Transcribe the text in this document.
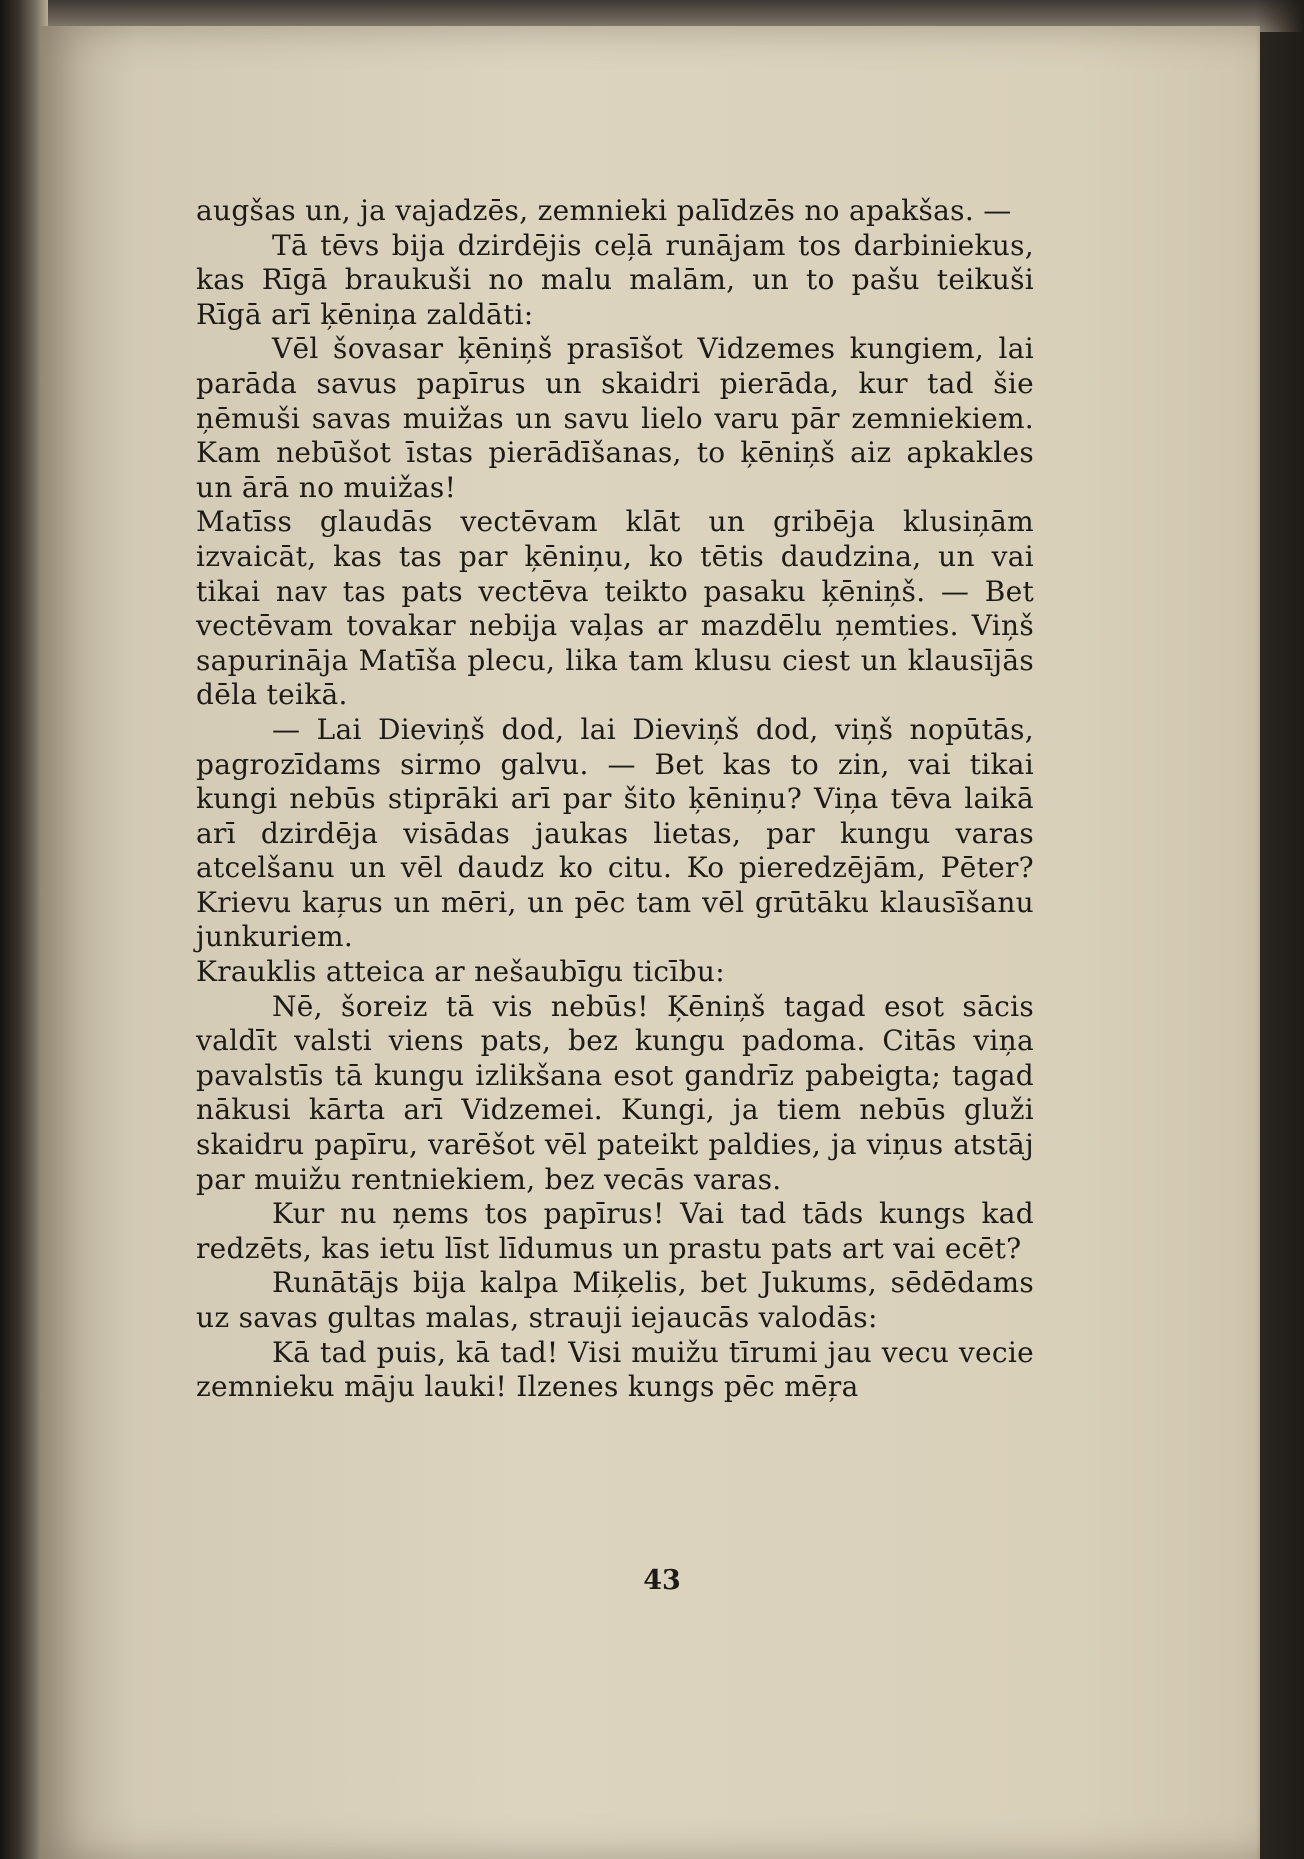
augšas un, ja vajadzēs, zemnieki palīdzēs no apakšas. —

Tā tēvs bija dzirdējis ceļā runājam tos darbiniekus, kas Rīgā braukuši no malu malām, un to pašu teikuši Rīgā arī ķēniņa zaldāti:

Vēl šovasar ķēniņš prasīšot Vidzemes kungiem, lai parāda savus papīrus un skaidri pierāda, kur tad šie ņēmuši savas muižas un savu lielo varu pār zemniekiem. Kam nebūšot īstas pierādīšanas, to ķēniņš aiz apkakles un ārā no muižas!

Matīss glaudās vectēvam klāt un gribēja klusiņām izvaicāt, kas tas par ķēniņu, ko tētis daudzina, un vai tikai nav tas pats vectēva teikto pasaku ķēniņš. — Bet vectēvam tovakar nebija vaļas ar mazdēlu ņemties. Viņš sapurināja Matīša plecu, lika tam klusu ciest un klausījās dēla teikā.

— Lai Dieviņš dod, lai Dieviņš dod, viņš nopūtās, pagrozīdams sirmo galvu. — Bet kas to zin, vai tikai kungi nebūs stiprāki arī par šito ķēniņu? Viņa tēva laikā arī dzirdēja visādas jaukas lietas, par kungu varas atcelšanu un vēl daudz ko citu. Ko pieredzējām, Pēter? Krievu kaŗus un mēri, un pēc tam vēl grūtāku klausīšanu junkuriem.

Krauklis atteica ar nešaubīgu ticību:

Nē, šoreiz tā vis nebūs! Ķēniņš tagad esot sācis valdīt valsti viens pats, bez kungu padoma. Citās viņa pavalstīs tā kungu izlikšana esot gandrīz pabeigta; tagad nākusi kārta arī Vidzemei. Kungi, ja tiem nebūs gluži skaidru papīru, varēšot vēl pateikt paldies, ja viņus atstāj par muižu rentniekiem, bez vecās varas.

Kur nu ņems tos papīrus! Vai tad tāds kungs kad redzēts, kas ietu līst līdumus un prastu pats art vai ecēt?

Runātājs bija kalpa Miķelis, bet Jukums, sēdēdams uz savas gultas malas, strauji iejaucās valodās:

Kā tad puis, kā tad! Visi muižu tīrumi jau vecu vecie zemnieku māju lauki! Ilzenes kungs pēc mēŗa

43
